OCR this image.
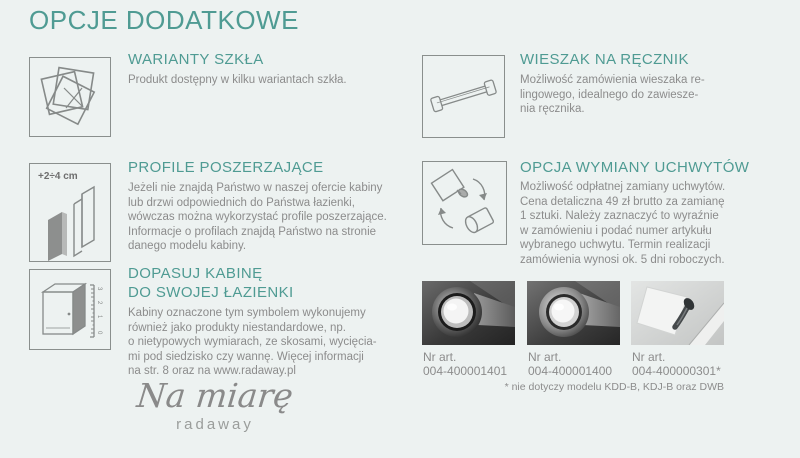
OPCJE DODATKOWE
WARIANTY SZKŁA
Produkt dostępny w kilku wariantach szkła.
+2÷4 cm
PROFILE POSZERZAJĄCE
Jeżeli nie znajdą Państwo w naszej ofercie kabiny
lub drzwi odpowiednich do Państwa łazienki,
wówczas można wykorzystać profile poszerzające.
Informacje o profilach znajdą Państwo na stronie
danego modelu kabiny.
3
2
1
0
DOPASUJ KABINĘ
DO SWOJEJ ŁAZIENKI
Kabiny oznaczone tym symbolem wykonujemy
również jako produkty niestandardowe, np.
o nietypowych wymiarach, ze skosami, wycięcia-
mi pod siedzisko czy wannę. Więcej informacji
na str. 8 oraz na www.radaway.pl
Na miarę
radaway
WIESZAK NA RĘCZNIK
Możliwość zamówienia wieszaka re-
lingowego, idealnego do zawiesze-
nia ręcznika.
OPCJA WYMIANY UCHWYTÓW
Możliwość odpłatnej zamiany uchwytów.
Cena detaliczna 49 zł brutto za zamianę
1 sztuki. Należy zaznaczyć to wyraźnie
w zamówieniu i podać numer artykułu
wybranego uchwytu. Termin realizacji
zamówienia wynosi ok. 5 dni roboczych.
Nr art.
004-400001401
Nr art.
004-400001400
Nr art.
004-400000301*
* nie dotyczy modelu KDD-B, KDJ-B oraz DWB
